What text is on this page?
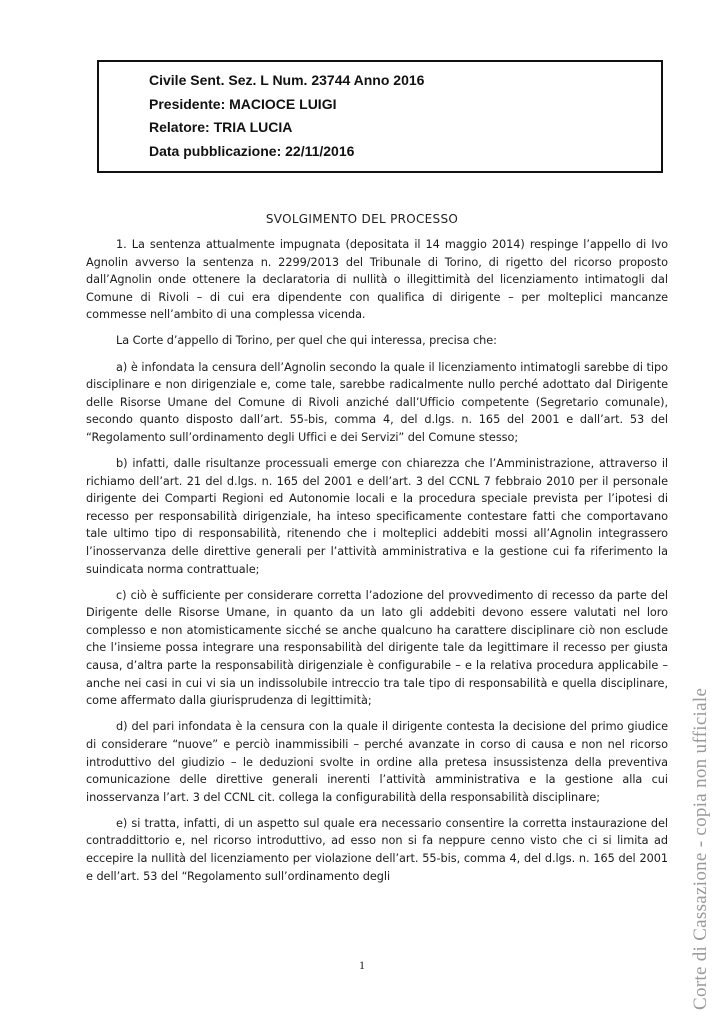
Civile Sent. Sez. L Num. 23744 Anno 2016
Presidente: MACIOCE LUIGI
Relatore: TRIA LUCIA
Data pubblicazione: 22/11/2016
SVOLGIMENTO DEL PROCESSO

1. La sentenza attualmente impugnata (depositata il 14 maggio 2014) respinge l’appello di Ivo Agnolin avverso la sentenza n. 2299/2013 del Tribunale di Torino, di rigetto del ricorso proposto dall’Agnolin onde ottenere la declaratoria di nullità o illegittimità del licenziamento intimatogli dal Comune di Rivoli – di cui era dipendente con qualifica di dirigente – per molteplici mancanze commesse nell’ambito di una complessa vicenda.

La Corte d’appello di Torino, per quel che qui interessa, precisa che:

a) è infondata la censura dell’Agnolin secondo la quale il licenziamento intimatogli sarebbe di tipo disciplinare e non dirigenziale e, come tale, sarebbe radicalmente nullo perché adottato dal Dirigente delle Risorse Umane del Comune di Rivoli anziché dall’Ufficio competente (Segretario comunale), secondo quanto disposto dall’art. 55-bis, comma 4, del d.lgs. n. 165 del 2001 e dall’art. 53 del “Regolamento sull’ordinamento degli Uffici e dei Servizi” del Comune stesso;

b) infatti, dalle risultanze processuali emerge con chiarezza che l’Amministrazione, attraverso il richiamo dell’art. 21 del d.lgs. n. 165 del 2001 e dell’art. 3 del CCNL 7 febbraio 2010 per il personale dirigente dei Comparti Regioni ed Autonomie locali e la procedura speciale prevista per l’ipotesi di recesso per responsabilità dirigenziale, ha inteso specificamente contestare fatti che comportavano tale ultimo tipo di responsabilità, ritenendo che i molteplici addebiti mossi all’Agnolin integrassero l’inosservanza delle direttive generali per l’attività amministrativa e la gestione cui fa riferimento la suindicata norma contrattuale;

c) ciò è sufficiente per considerare corretta l’adozione del provvedimento di recesso da parte del Dirigente delle Risorse Umane, in quanto da un lato gli addebiti devono essere valutati nel loro complesso e non atomisticamente sicché se anche qualcuno ha carattere disciplinare ciò non esclude che l’insieme possa integrare una responsabilità del dirigente tale da legittimare il recesso per giusta causa, d’altra parte la responsabilità dirigenziale è configurabile – e la relativa procedura applicabile – anche nei casi in cui vi sia un indissolubile intreccio tra tale tipo di responsabilità e quella disciplinare, come affermato dalla giurisprudenza di legittimità;

d) del pari infondata è la censura con la quale il dirigente contesta la decisione del primo giudice di considerare “nuove” e perciò inammissibili – perché avanzate in corso di causa e non nel ricorso introduttivo del giudizio – le deduzioni svolte in ordine alla pretesa insussistenza della preventiva comunicazione delle direttive generali inerenti l’attività amministrativa e la gestione alla cui inosservanza l’art. 3 del CCNL cit. collega la configurabilità della responsabilità disciplinare;

e) si tratta, infatti, di un aspetto sul quale era necessario consentire la corretta instaurazione del contraddittorio e, nel ricorso introduttivo, ad esso non si fa neppure cenno visto che ci si limita ad eccepire la nullità del licenziamento per violazione dell’art. 55-bis, comma 4, del d.lgs. n. 165 del 2001 e dell’art. 53 del “Regolamento sull’ordinamento degli

1	Corte di Cassazione - copia non ufficiale
